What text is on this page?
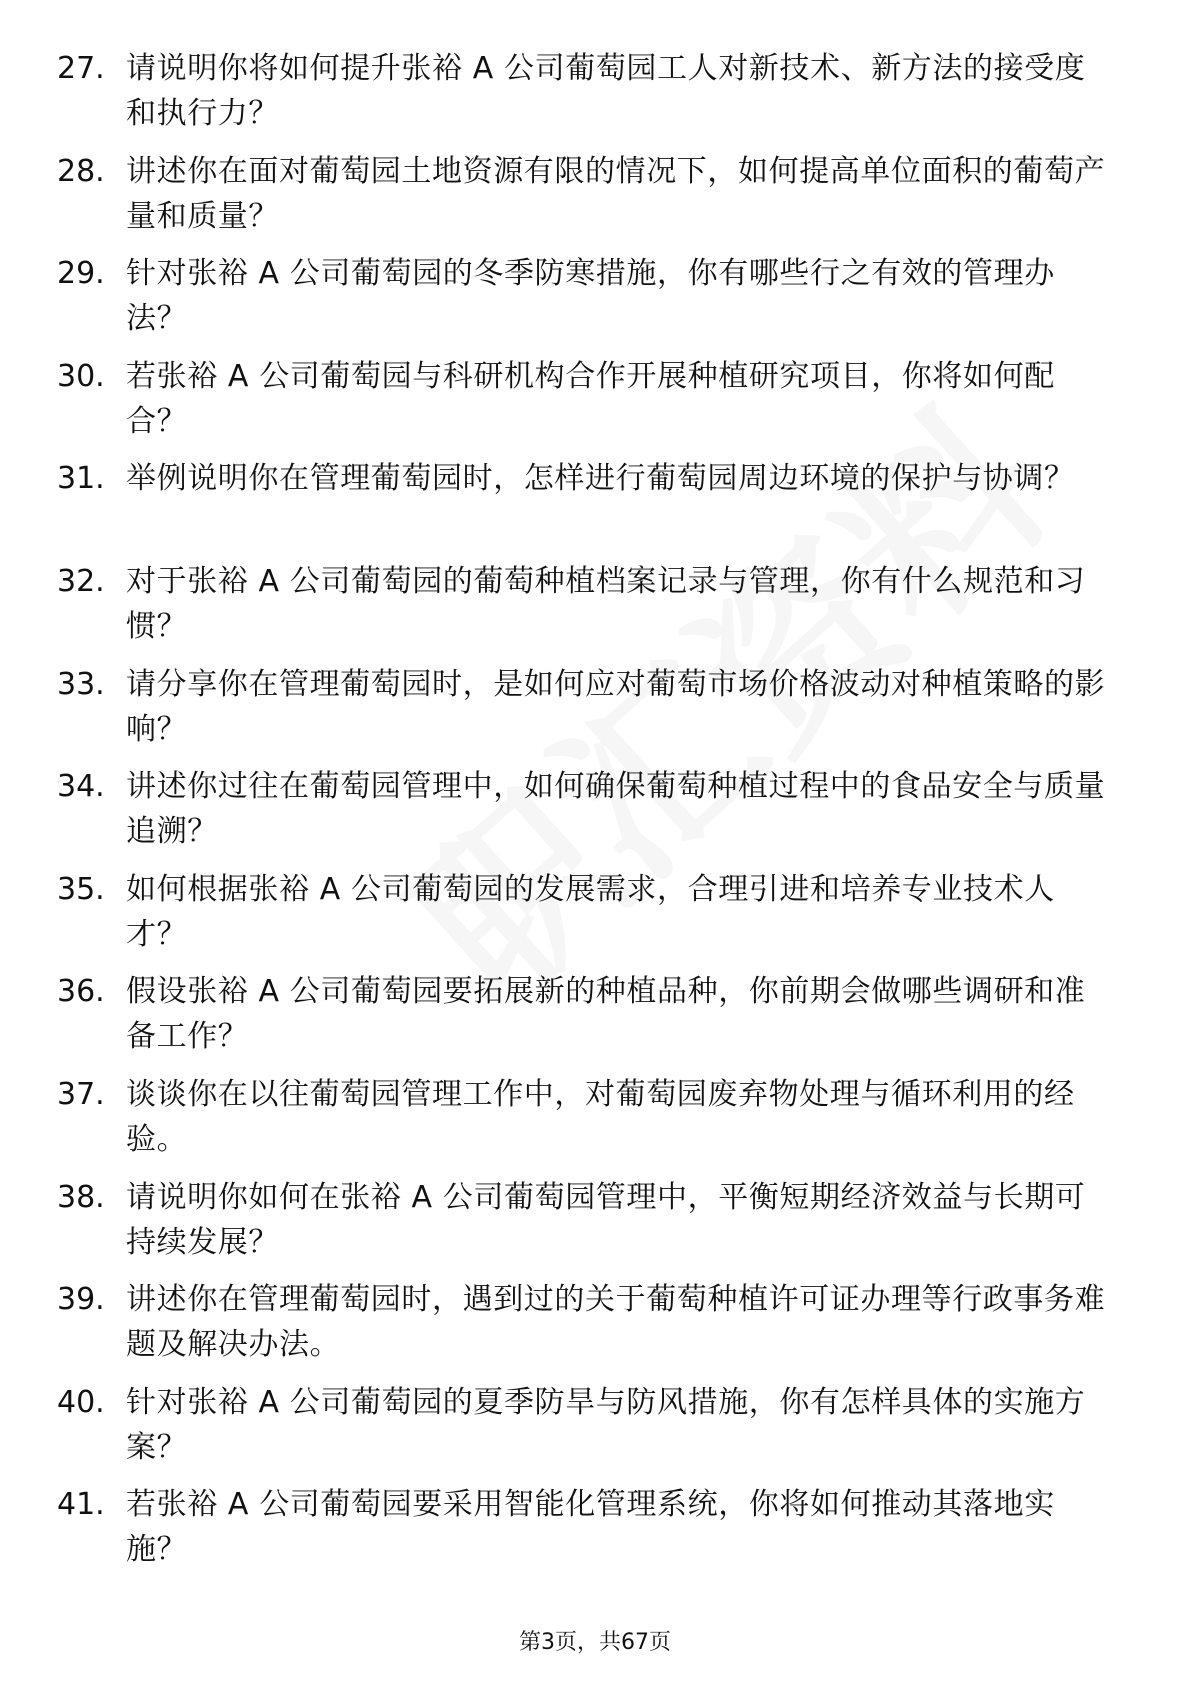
27. 请说明你将如何提升张裕 A 公司葡萄园工人对新技术、新方法的接受度和执行力？
28. 讲述你在面对葡萄园土地资源有限的情况下，如何提高单位面积的葡萄产量和质量？
29. 针对张裕 A 公司葡萄园的冬季防寒措施，你有哪些行之有效的管理办法？
30. 若张裕 A 公司葡萄园与科研机构合作开展种植研究项目，你将如何配合？
31. 举例说明你在管理葡萄园时，怎样进行葡萄园周边环境的保护与协调？
32. 对于张裕 A 公司葡萄园的葡萄种植档案记录与管理，你有什么规范和习惯？
33. 请分享你在管理葡萄园时，是如何应对葡萄市场价格波动对种植策略的影响？
34. 讲述你过往在葡萄园管理中，如何确保葡萄种植过程中的食品安全与质量追溯？
35. 如何根据张裕 A 公司葡萄园的发展需求，合理引进和培养专业技术人才？
36. 假设张裕 A 公司葡萄园要拓展新的种植品种，你前期会做哪些调研和准备工作？
37. 谈谈你在以往葡萄园管理工作中，对葡萄园废弃物处理与循环利用的经验。
38. 请说明你如何在张裕 A 公司葡萄园管理中，平衡短期经济效益与长期可持续发展？
39. 讲述你在管理葡萄园时，遇到过的关于葡萄种植许可证办理等行政事务难题及解决办法。
40. 针对张裕 A 公司葡萄园的夏季防旱与防风措施，你有怎样具体的实施方案？
41. 若张裕 A 公司葡萄园要采用智能化管理系统，你将如何推动其落地实施？
第3页，共67页
